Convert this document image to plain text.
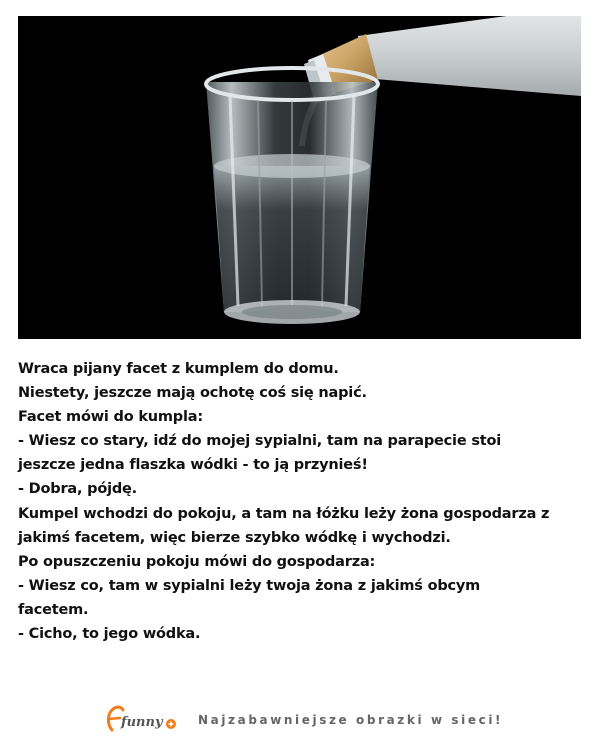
Wraca pijany facet z kumplem do domu.
Niestety, jeszcze mają ochotę coś się napić.
Facet mówi do kumpla:
- Wiesz co stary, idź do mojej sypialni, tam na parapecie stoi
jeszcze jedna flaszka wódki - to ją przynieś!
- Dobra, pójdę.
Kumpel wchodzi do pokoju, a tam na łóżku leży żona gospodarza z
jakimś facetem, więc bierze szybko wódkę i wychodzi.
Po opuszczeniu pokoju mówi do gospodarza:
- Wiesz co, tam w sypialni leży twoja żona z jakimś obcym
facetem.
- Cicho, to jego wódka.
funny	Najzabawniejsze obrazki w sieci!
